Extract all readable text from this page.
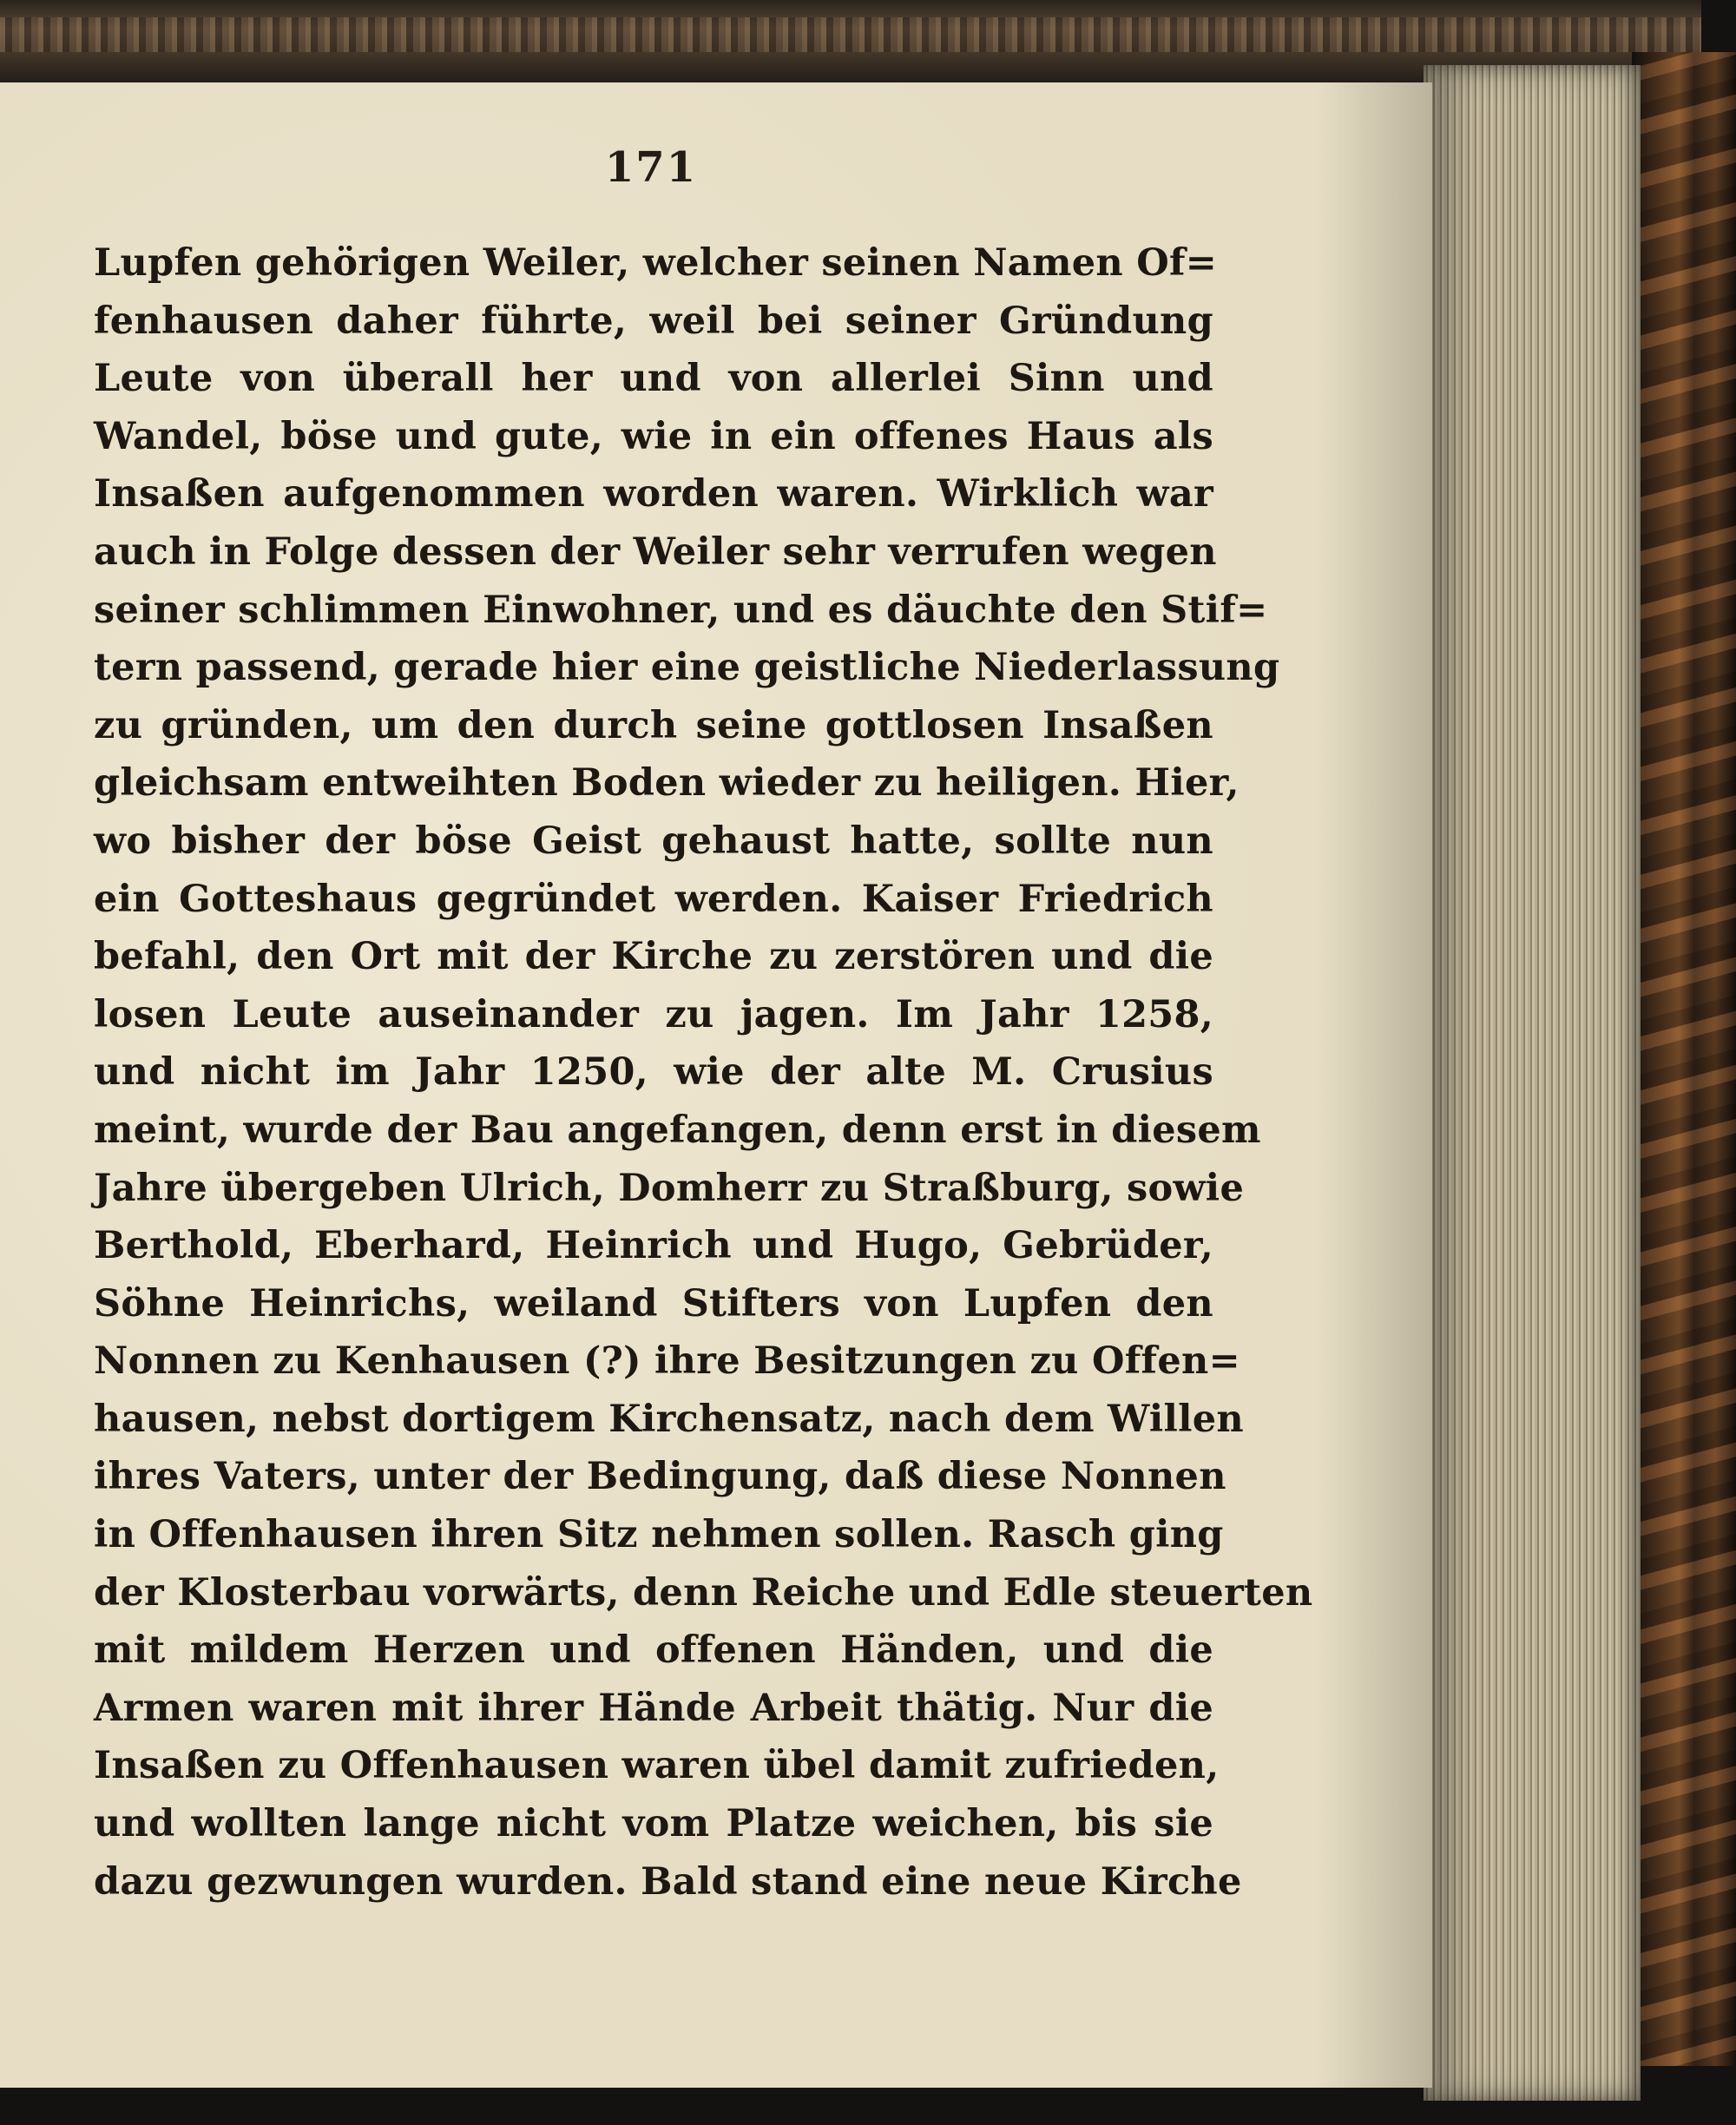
171
Lupfen gehörigen Weiler, welcher seinen Namen Of=
fenhausen daher führte, weil bei seiner Gründung
Leute von überall her und von allerlei Sinn und
Wandel, böse und gute, wie in ein offenes Haus als
Insaßen aufgenommen worden waren. Wirklich war
auch in Folge dessen der Weiler sehr verrufen wegen
seiner schlimmen Einwohner, und es däuchte den Stif=
tern passend, gerade hier eine geistliche Niederlassung
zu gründen, um den durch seine gottlosen Insaßen
gleichsam entweihten Boden wieder zu heiligen. Hier,
wo bisher der böse Geist gehaust hatte, sollte nun
ein Gotteshaus gegründet werden. Kaiser Friedrich
befahl, den Ort mit der Kirche zu zerstören und die
losen Leute auseinander zu jagen. Im Jahr 1258,
und nicht im Jahr 1250, wie der alte M. Crusius
meint, wurde der Bau angefangen, denn erst in diesem
Jahre übergeben Ulrich, Domherr zu Straßburg, sowie
Berthold, Eberhard, Heinrich und Hugo, Gebrüder,
Söhne Heinrichs, weiland Stifters von Lupfen den
Nonnen zu Kenhausen (?) ihre Besitzungen zu Offen=
hausen, nebst dortigem Kirchensatz, nach dem Willen
ihres Vaters, unter der Bedingung, daß diese Nonnen
in Offenhausen ihren Sitz nehmen sollen. Rasch ging
der Klosterbau vorwärts, denn Reiche und Edle steuerten
mit mildem Herzen und offenen Händen, und die
Armen waren mit ihrer Hände Arbeit thätig. Nur die
Insaßen zu Offenhausen waren übel damit zufrieden,
und wollten lange nicht vom Platze weichen, bis sie
dazu gezwungen wurden. Bald stand eine neue Kirche
